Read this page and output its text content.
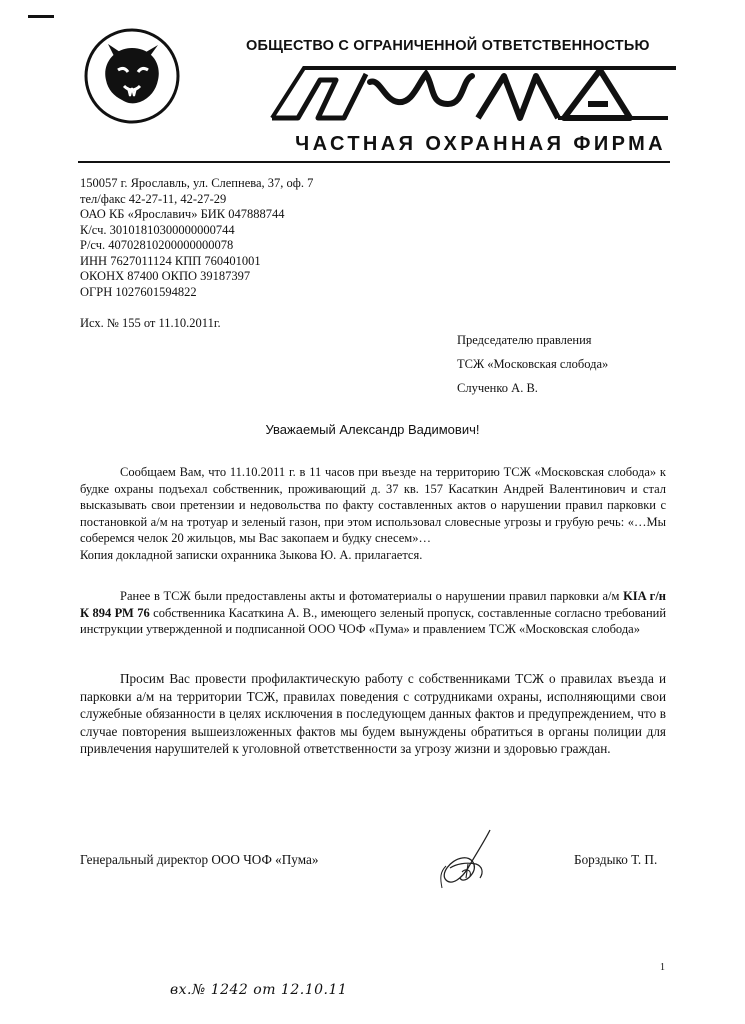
ОБЩЕСТВО С ОГРАНИЧЕННОЙ ОТВЕТСТВЕННОСТЬЮ
ЧАСТНАЯ ОХРАННАЯ ФИРМА
150057 г. Ярославль, ул. Слепнева, 37, оф. 7
тел/факс 42-27-11, 42-27-29
ОАО КБ «Ярославич» БИК 047888744
К/сч. 30101810300000000744
Р/сч. 40702810200000000078
ИНН 7627011124 КПП 760401001
ОКОНХ 87400 ОКПО 39187397
ОГРН 1027601594822
Исх. № 155 от 11.10.2011г.
Председателю правления
ТСЖ «Московская слобода»
Слученко А. В.
Уважаемый Александр Вадимович!

Сообщаем Вам, что 11.10.2011 г. в 11 часов при въезде на территорию ТСЖ «Московская слобода» к будке охраны подъехал собственник, проживающий д. 37 кв. 157 Касаткин Андрей Валентинович и стал высказывать свои претензии и недовольства по факту составленных актов о нарушении правил парковки с постановкой а/м на тротуар и зеленый газон, при этом использовал словесные угрозы и грубую речь: «…Мы соберемся челок 20 жильцов, мы Вас закопаем и будку снесем»…

Копия докладной записки охранника Зыкова Ю. А. прилагается.

Ранее в ТСЖ были предоставлены акты и фотоматериалы о нарушении правил парковки а/м KIA г/н К 894 РМ 76 собственника Касаткина А. В., имеющего зеленый пропуск, составленные согласно требований инструкции утвержденной и подписанной ООО ЧОФ «Пума» и правлением ТСЖ «Московская слобода»

Просим Вас провести профилактическую работу с собственниками ТСЖ о правилах въезда и парковки а/м на территории ТСЖ, правилах поведения с сотрудниками охраны, исполняющими свои служебные обязанности в целях исключения в последующем данных фактов и предупреждением, что в случае повторения вышеизложенных фактов мы будем вынуждены обратиться в органы полиции для привлечения нарушителей к уголовной ответственности за угрозу жизни и здоровью граждан.

Генеральный директор ООО ЧОФ «Пума»	Борздыко Т. П.
1
вх.№ 1242 от 12.10.11
